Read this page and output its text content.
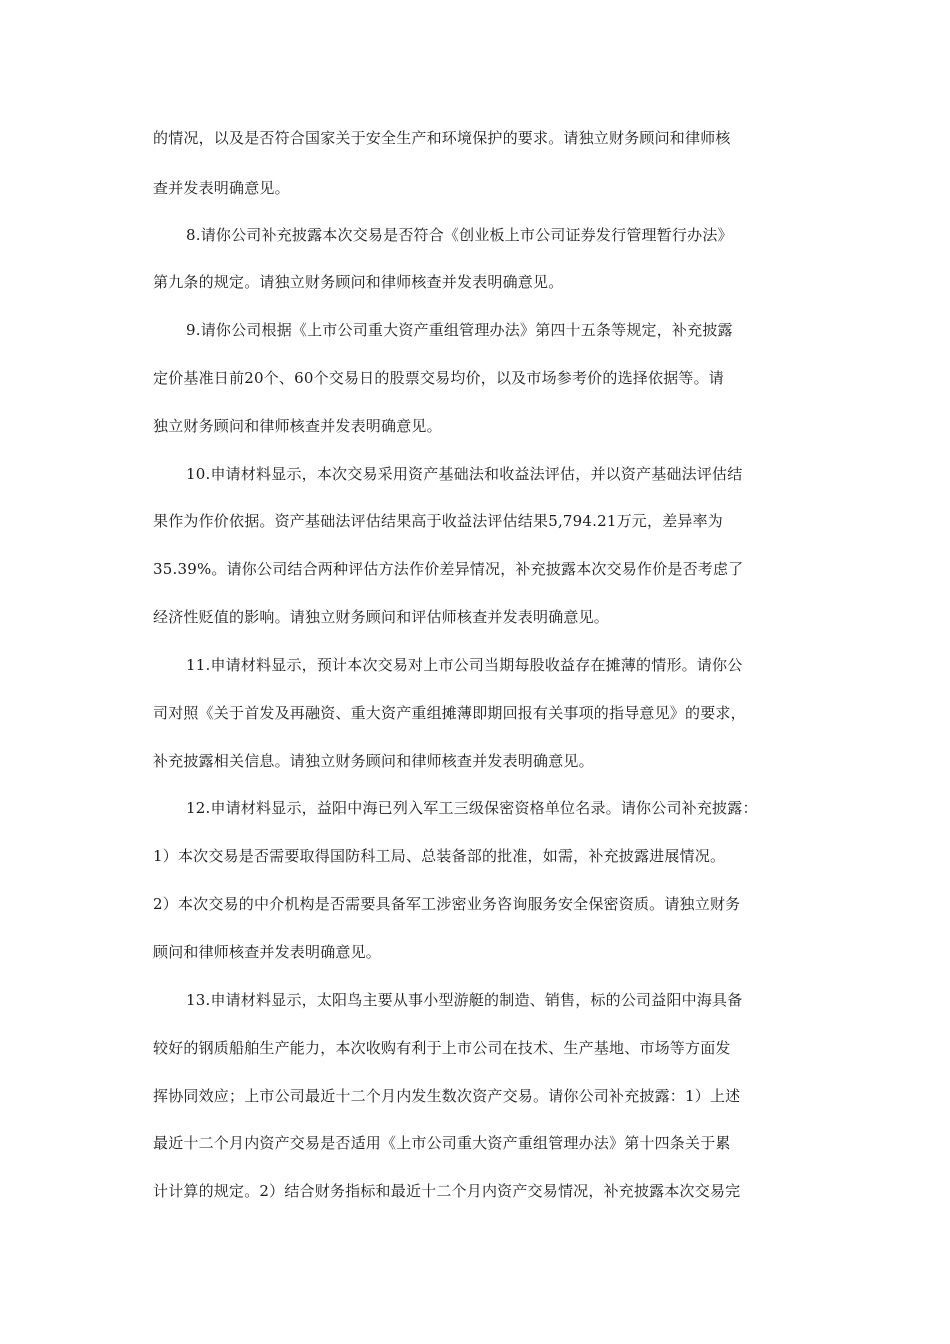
的情况，以及是否符合国家关于安全生产和环境保护的要求。请独立财务顾问和律师核
查并发表明确意见。
8.请你公司补充披露本次交易是否符合《创业板上市公司证券发行管理暂行办法》
第九条的规定。请独立财务顾问和律师核查并发表明确意见。
9.请你公司根据《上市公司重大资产重组管理办法》第四十五条等规定，补充披露
定价基准日前20个、60个交易日的股票交易均价，以及市场参考价的选择依据等。请
独立财务顾问和律师核查并发表明确意见。
10.申请材料显示，本次交易采用资产基础法和收益法评估，并以资产基础法评估结
果作为作价依据。资产基础法评估结果高于收益法评估结果5,794.21万元，差异率为
35.39%。请你公司结合两种评估方法作价差异情况，补充披露本次交易作价是否考虑了
经济性贬值的影响。请独立财务顾问和评估师核查并发表明确意见。
11.申请材料显示，预计本次交易对上市公司当期每股收益存在摊薄的情形。请你公
司对照《关于首发及再融资、重大资产重组摊薄即期回报有关事项的指导意见》的要求，
补充披露相关信息。请独立财务顾问和律师核查并发表明确意见。
12.申请材料显示，益阳中海已列入军工三级保密资格单位名录。请你公司补充披露：
1）本次交易是否需要取得国防科工局、总装备部的批准，如需，补充披露进展情况。
2）本次交易的中介机构是否需要具备军工涉密业务咨询服务安全保密资质。请独立财务
顾问和律师核查并发表明确意见。
13.申请材料显示，太阳鸟主要从事小型游艇的制造、销售，标的公司益阳中海具备
较好的钢质船舶生产能力，本次收购有利于上市公司在技术、生产基地、市场等方面发
挥协同效应；上市公司最近十二个月内发生数次资产交易。请你公司补充披露：1）上述
最近十二个月内资产交易是否适用《上市公司重大资产重组管理办法》第十四条关于累
计计算的规定。2）结合财务指标和最近十二个月内资产交易情况，补充披露本次交易完
